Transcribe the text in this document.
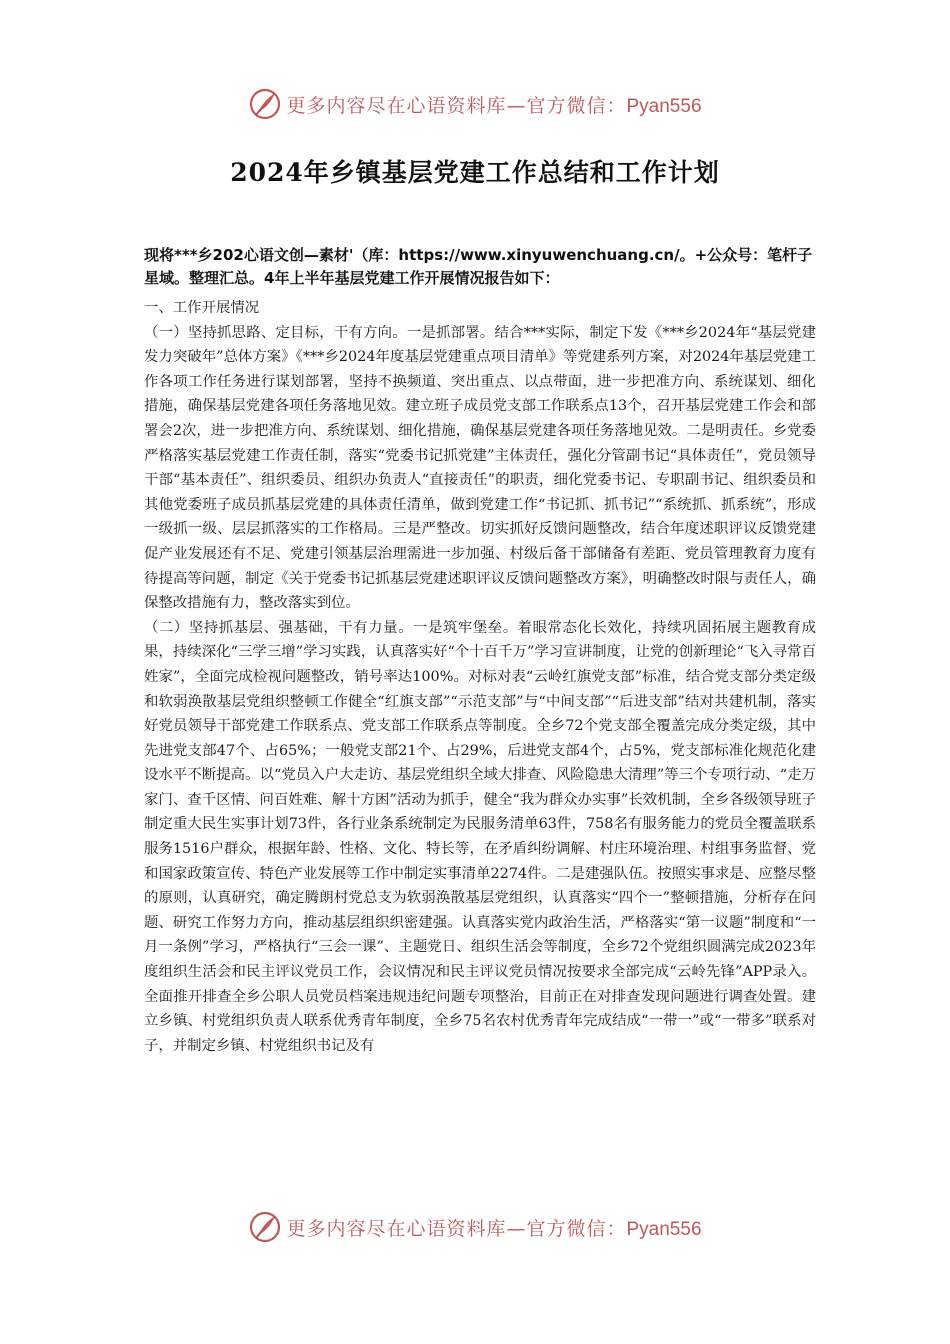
更多内容尽在心语资料库—官方微信：Pyan556
2024年乡镇基层党建工作总结和工作计划
现将***乡202心语文创—素材'（库：https://www.xinyuwenchuang.cn/。+公众号：笔杆子星域。整理汇总。4年上半年基层党建工作开展情况报告如下：

一、工作开展情况

（一）坚持抓思路、定目标，干有方向。一是抓部署。结合***实际，制定下发《***乡2024年“基层党建发力突破年”总体方案》《***乡2024年度基层党建重点项目清单》等党建系列方案，对2024年基层党建工作各项工作任务进行谋划部署，坚持不换频道、突出重点、以点带面，进一步把准方向、系统谋划、细化措施，确保基层党建各项任务落地见效。建立班子成员党支部工作联系点13个，召开基层党建工作会和部署会2次，进一步把准方向、系统谋划、细化措施，确保基层党建各项任务落地见效。二是明责任。乡党委严格落实基层党建工作责任制，落实“党委书记抓党建”主体责任，强化分管副书记“具体责任”，党员领导干部“基本责任”、组织委员、组织办负责人“直接责任”的职责，细化党委书记、专职副书记、组织委员和其他党委班子成员抓基层党建的具体责任清单，做到党建工作“书记抓、抓书记”“系统抓、抓系统”，形成一级抓一级、层层抓落实的工作格局。三是严整改。切实抓好反馈问题整改，结合年度述职评议反馈党建促产业发展还有不足、党建引领基层治理需进一步加强、村级后备干部储备有差距、党员管理教育力度有待提高等问题，制定《关于党委书记抓基层党建述职评议反馈问题整改方案》，明确整改时限与责任人，确保整改措施有力，整改落实到位。

（二）坚持抓基层、强基础，干有力量。一是筑牢堡垒。着眼常态化长效化，持续巩固拓展主题教育成果，持续深化“三学三增”学习实践，认真落实好“个十百千万”学习宣讲制度，让党的创新理论“飞入寻常百姓家”，全面完成检视问题整改，销号率达100%。对标对表“云岭红旗党支部”标准，结合党支部分类定级和软弱涣散基层党组织整顿工作健全“红旗支部”“示范支部”与“中间支部”“后进支部”结对共建机制，落实好党员领导干部党建工作联系点、党支部工作联系点等制度。全乡72个党支部全覆盖完成分类定级，其中先进党支部47个、占65%；一般党支部21个、占29%，后进党支部4个，占5%，党支部标准化规范化建设水平不断提高。以“党员入户大走访、基层党组织全域大排查、风险隐患大清理”等三个专项行动、“走万家门、查千区情、问百姓难、解十方困”活动为抓手，健全“我为群众办实事”长效机制，全乡各级领导班子制定重大民生实事计划73件，各行业条系统制定为民服务清单63件，758名有服务能力的党员全覆盖联系服务1516户群众，根据年龄、性格、文化、特长等，在矛盾纠纷调解、村庄环境治理、村组事务监督、党和国家政策宣传、特色产业发展等工作中制定实事清单2274件。二是建强队伍。按照实事求是、应整尽整的原则，认真研究，确定腾朗村党总支为软弱涣散基层党组织，认真落实“四个一”整顿措施，分析存在问题、研究工作努力方向，推动基层组织织密建强。认真落实党内政治生活，严格落实“第一议题”制度和“一月一条例”学习，严格执行“三会一课”、主题党日、组织生活会等制度，全乡72个党组织圆满完成2023年度组织生活会和民主评议党员工作，会议情况和民主评议党员情况按要求全部完成“云岭先锋”APP录入。全面推开排查全乡公职人员党员档案违规违纪问题专项整治，目前正在对排查发现问题进行调查处置。建立乡镇、村党组织负责人联系优秀青年制度，全乡75名农村优秀青年完成结成“一带一”或“一带多”联系对子，并制定乡镇、村党组织书记及有

更多内容尽在心语资料库—官方微信：Pyan556
